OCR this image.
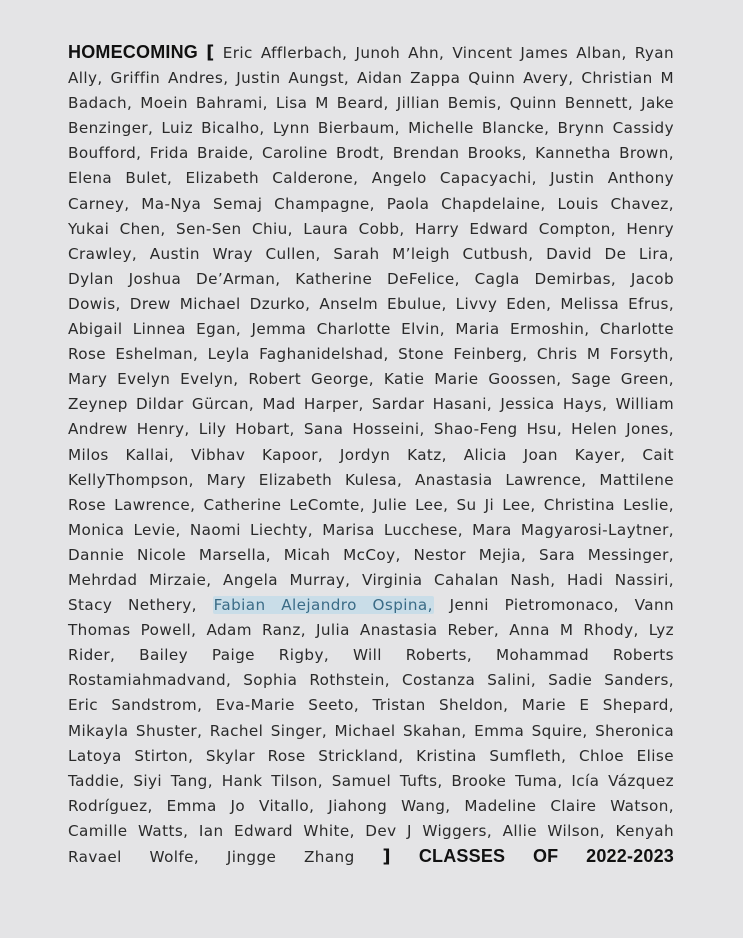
HOMECOMING [ Eric Afflerbach, Junoh Ahn, Vincent James Alban, Ryan Ally, Griffin Andres, Justin Aungst, Aidan Zappa Quinn Avery, Christian M Badach, Moein Bahrami, Lisa M Beard, Jillian Bemis, Quinn Bennett, Jake Benzinger, Luiz Bicalho, Lynn Bierbaum, Michelle Blancke, Brynn Cassidy Boufford, Frida Braide, Caroline Brodt, Brendan Brooks, Kannetha Brown, Elena Bulet, Elizabeth Calderone, Angelo Capacyachi, Justin Anthony Carney, Ma-Nya Semaj Champagne, Paola Chapdelaine, Louis Chavez, Yukai Chen, Sen-Sen Chiu, Laura Cobb, Harry Edward Compton, Henry Crawley, Austin Wray Cullen, Sarah M’leigh Cutbush, David De Lira, Dylan Joshua De’Arman, Katherine DeFelice, Cagla Demirbas, Jacob Dowis, Drew Michael Dzurko, Anselm Ebulue, Livvy Eden, Melissa Efrus, Abigail Linnea Egan, Jemma Charlotte Elvin, Maria Ermoshin, Charlotte Rose Eshelman, Leyla Faghanidelshad, Stone Feinberg, Chris M Forsyth, Mary Evelyn Evelyn, Robert George, Katie Marie Goossen, Sage Green, Zeynep Dildar Gürcan, Mad Harper, Sardar Hasani, Jessica Hays, William Andrew Henry, Lily Hobart, Sana Hosseini, Shao-Feng Hsu, Helen Jones, Milos Kallai, Vibhav Kapoor, Jordyn Katz, Alicia Joan Kayer, Cait KellyThompson, Mary Elizabeth Kulesa, Anastasia Lawrence, Mattilene Rose Lawrence, Catherine LeComte, Julie Lee, Su Ji Lee, Christina Leslie, Monica Levie, Naomi Liechty, Marisa Lucchese, Mara Magyarosi-Laytner, Dannie Nicole Marsella, Micah McCoy, Nestor Mejia, Sara Messinger, Mehrdad Mirzaie, Angela Murray, Virginia Cahalan Nash, Hadi Nassiri, Stacy Nethery, Fabian Alejandro Ospina, Jenni Pietromonaco, Vann Thomas Powell, Adam Ranz, Julia Anastasia Reber, Anna M Rhody, Lyz Rider, Bailey Paige Rigby, Will Roberts, Mohammad Roberts Rostamiahmadvand, Sophia Rothstein, Costanza Salini, Sadie Sanders, Eric Sandstrom, Eva-Marie Seeto, Tristan Sheldon, Marie E Shepard, Mikayla Shuster, Rachel Singer, Michael Skahan, Emma Squire, Sheronica Latoya Stirton, Skylar Rose Strickland, Kristina Sumfleth, Chloe Elise Taddie, Siyi Tang, Hank Tilson, Samuel Tufts, Brooke Tuma, Icía Vázquez Rodríguez, Emma Jo Vitallo, Jiahong Wang, Madeline Claire Watson, Camille Watts, Ian Edward White, Dev J Wiggers, Allie Wilson, Kenyah Ravael Wolfe, Jingge Zhang ] CLASSES OF 2022-2023
